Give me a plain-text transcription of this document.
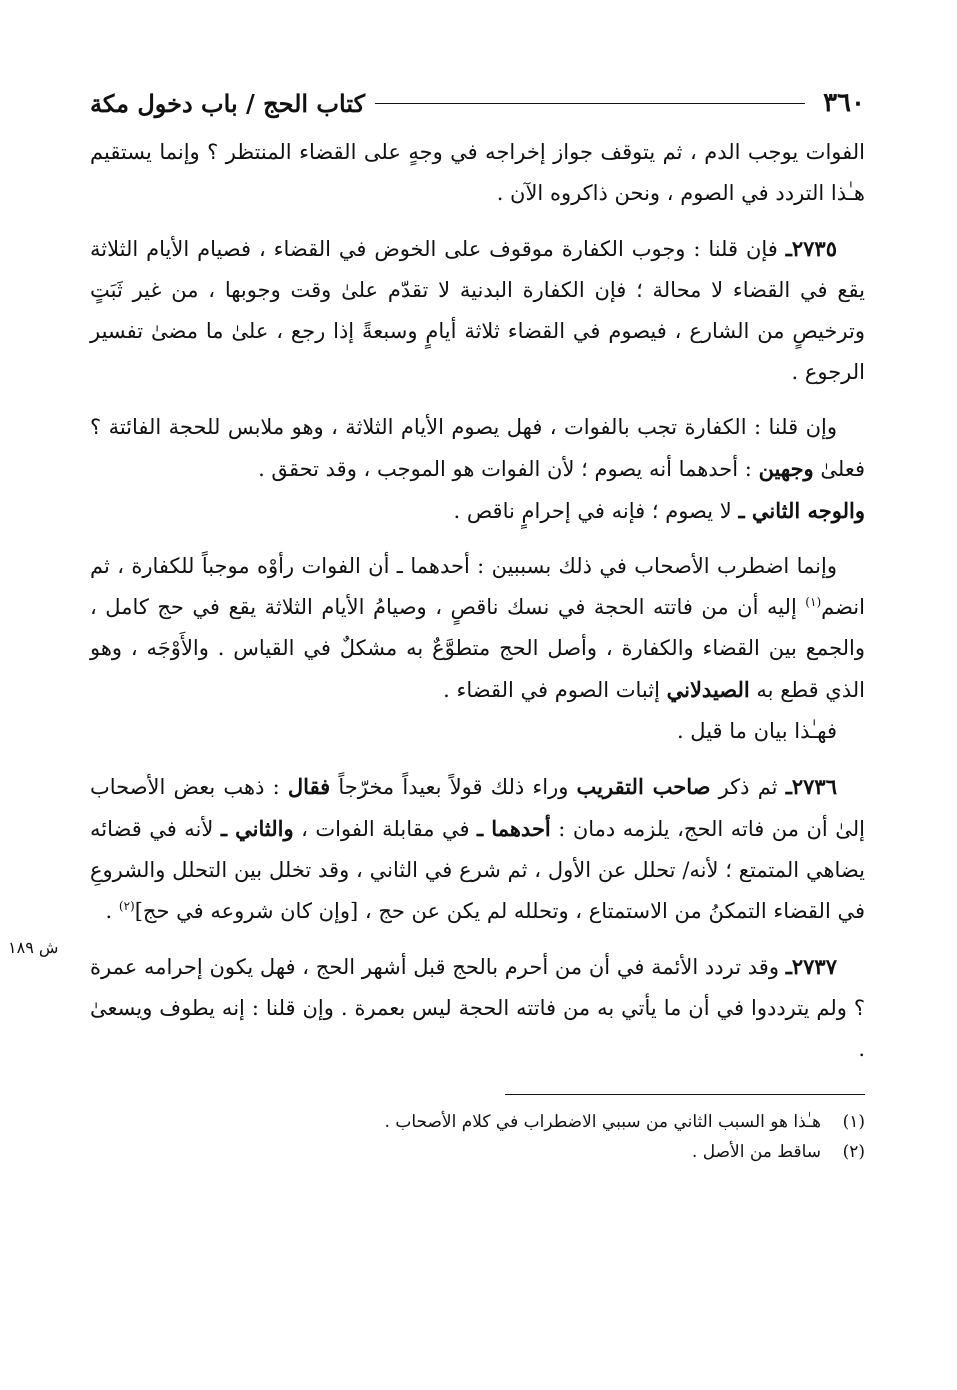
٣٦٠
كتاب الحج / باب دخول مكة

الفوات يوجب الدم ، ثم يتوقف جواز إخراجه في وجهٍ على القضاء المنتظر ؟ وإنما يستقيم هـٰذا التردد في الصوم ، ونحن ذاكروه الآن .

٢٧٣٥ـ فإن قلنا : وجوب الكفارة موقوف على الخوض في القضاء ، فصيام الأيام الثلاثة يقع في القضاء لا محالة ؛ فإن الكفارة البدنية لا تقدّم علىٰ وقت وجوبها ، من غير ثَبَتٍ وترخيصٍ من الشارع ، فيصوم في القضاء ثلاثة أيامٍ وسبعةً إذا رجع ، علىٰ ما مضىٰ تفسير الرجوع .

وإن قلنا : الكفارة تجب بالفوات ، فهل يصوم الأيام الثلاثة ، وهو ملابس للحجة الفائتة ؟ فعلىٰ وجهين : أحدهما أنه يصوم ؛ لأن الفوات هو الموجب ، وقد تحقق .

والوجه الثاني ـ لا يصوم ؛ فإنه في إحرامٍ ناقص .

وإنما اضطرب الأصحاب في ذلك بسببين : أحدهما ـ أن الفوات رأوْه موجباً للكفارة ، ثم انضم$^{(١)}$ إليه أن من فاتته الحجة في نسك ناقصٍ ، وصيامُ الأيام الثلاثة يقع في حج كامل ، والجمع بين القضاء والكفارة ، وأصل الحج متطوَّعٌ به مشكلٌ في القياس . والأَوْجَه ، وهو الذي قطع به الصيدلاني إثبات الصوم في القضاء .

فهـٰذا بيان ما قيل .

٢٧٣٦ـ ثم ذكر صاحب التقريب وراء ذلك قولاً بعيداً مخرّجاً فقال : ذهب بعض الأصحاب إلىٰ أن من فاته الحج، يلزمه دمان : أحدهما ـ في مقابلة الفوات ، والثاني ـ لأنه في قضائه يضاهي المتمتع ؛ لأنه/ تحلل عن الأول ، ثم شرع في الثاني ، وقد تخلل بين التحلل والشروعِ في القضاء التمكنُ من الاستمتاع ، وتحلله لم يكن عن حج ، [وإن كان شروعه في حج]$^{(٢)}$ .

٢٧٣٧ـ وقد تردد الأئمة في أن من أحرم بالحج قبل أشهر الحج ، فهل يكون إحرامه عمرة ؟ ولم يترددوا في أن ما يأتي به من فاتته الحجة ليس بعمرة . وإن قلنا : إنه يطوف ويسعىٰ .

(١)هـٰذا هو السبب الثاني من سببي الاضطراب في كلام الأصحاب .

(٢)ساقط من الأصل .

ش ١٨٩
